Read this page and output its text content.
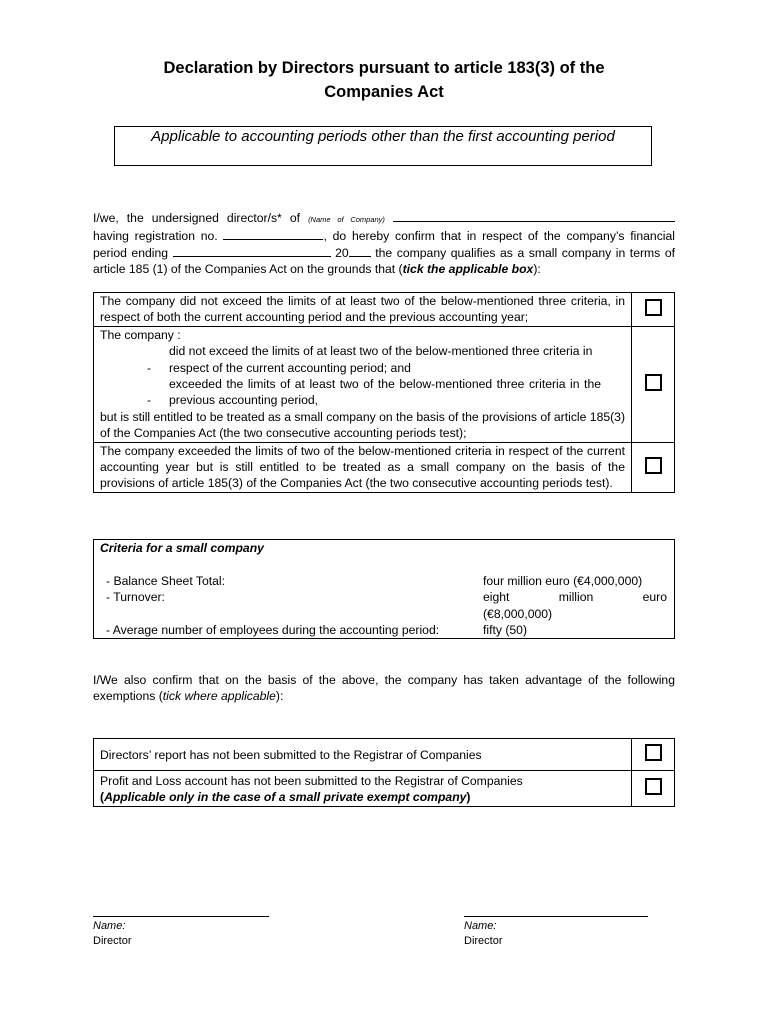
Declaration by Directors pursuant to article 183(3) of the
Companies Act
Applicable to accounting periods other than the first accounting period
I/we, the undersigned director/s* of (Name of Company)  having registration no.	, do hereby confirm that in respect of the company’s financial period ending	20 the company qualifies as a small company in terms of article 185 (1) of the Companies Act on the grounds that (tick the applicable box):
The company did not exceed the limits of at least two of the below-mentioned three criteria, in respect of both the current accounting period and the previous accounting year;	

The company :
-did not exceed the limits of at least two of the below-mentioned three criteria in respect of the current accounting period; and
-exceeded the limits of at least two of the below-mentioned three criteria in the previous accounting period,
but is still entitled to be treated as a small company on the basis of the provisions of article 185(3) of the Companies Act (the two consecutive accounting periods test);	

The company exceeded the limits of two of the below-mentioned criteria in respect of the current accounting year but is still entitled to be treated as a small company on the basis of the provisions of article 185(3) of the Companies Act (the two consecutive accounting periods test).	
Criteria for a small company
- Balance Sheet Total:	four million euro (€4,000,000)
- Turnover:	eight	million	euro
(€8,000,000)
- Average number of employees during the accounting period:	fifty (50)
I/We also confirm that on the basis of the above, the company has taken advantage of the following exemptions (tick where applicable):
Directors’ report has not been submitted to the Registrar of Companies	

Profit and Loss account has not been submitted to the Registrar of Companies
(Applicable only in the case of a small private exempt company)	

Name:
Director
Name:
Director
